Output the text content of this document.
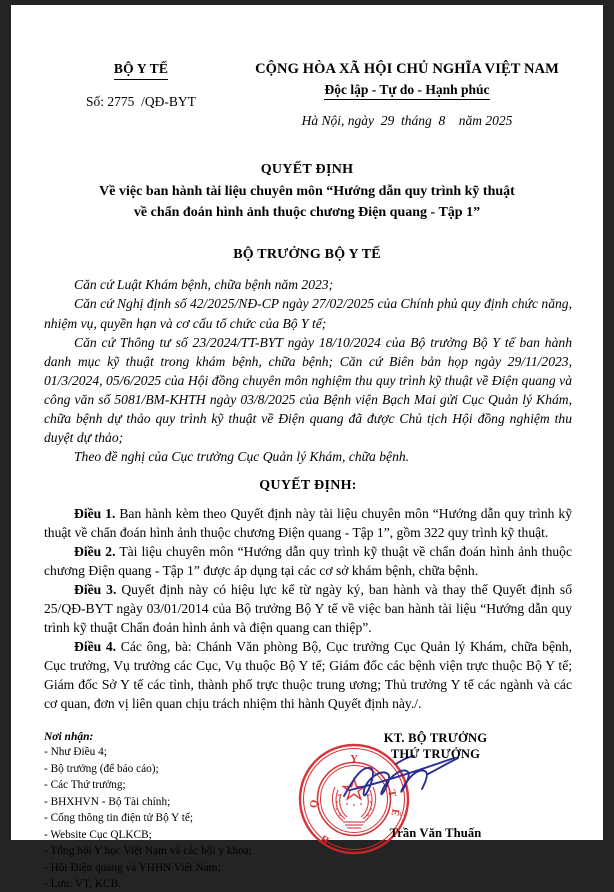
BỘ Y TẾ
Số: 2775  /QĐ-BYT
CỘNG HÒA XÃ HỘI CHỦ NGHĨA VIỆT NAM
Độc lập - Tự do - Hạnh phúc
Hà Nội, ngày  29  tháng  8    năm 2025
QUYẾT ĐỊNH
Về việc ban hành tài liệu chuyên môn “Hướng dẫn quy trình kỹ thuật
về chẩn đoán hình ảnh thuộc chương Điện quang - Tập 1”
BỘ TRƯỞNG BỘ Y TẾ

Căn cứ Luật Khám bệnh, chữa bệnh năm 2023;

Căn cứ Nghị định số 42/2025/NĐ-CP ngày 27/02/2025 của Chính phủ quy định chức năng, nhiệm vụ, quyền hạn và cơ cấu tổ chức của Bộ Y tế;

Căn cứ Thông tư số 23/2024/TT-BYT ngày 18/10/2024 của Bộ trưởng Bộ Y tế ban hành danh mục kỹ thuật trong khám bệnh, chữa bệnh; Căn cứ Biên bản họp ngày 29/11/2023, 01/3/2024, 05/6/2025 của Hội đồng chuyên môn nghiệm thu quy trình kỹ thuật về Điện quang và công văn số 5081/BM-KHTH ngày 03/8/2025 của Bệnh viện Bạch Mai gửi Cục Quản lý Khám, chữa bệnh dự thảo quy trình kỹ thuật về Điện quang đã được Chủ tịch Hội đồng nghiệm thu duyệt dự thảo;

Theo đề nghị của Cục trưởng Cục Quản lý Khám, chữa bệnh.

QUYẾT ĐỊNH:

Điều 1. Ban hành kèm theo Quyết định này tài liệu chuyên môn “Hướng dẫn quy trình kỹ thuật về chẩn đoán hình ảnh thuộc chương Điện quang - Tập 1”, gồm 322 quy trình kỹ thuật.

Điều 2. Tài liệu chuyên môn “Hướng dẫn quy trình kỹ thuật về chẩn đoán hình ảnh thuộc chương Điện quang - Tập 1” được áp dụng tại các cơ sở khám bệnh, chữa bệnh.

Điều 3. Quyết định này có hiệu lực kể từ ngày ký, ban hành và thay thế Quyết định số 25/QĐ-BYT ngày 03/01/2014 của Bộ trưởng Bộ Y tế về việc ban hành tài liệu “Hướng dẫn quy trình kỹ thuật Chẩn đoán hình ảnh và điện quang can thiệp”.

Điều 4. Các ông, bà: Chánh Văn phòng Bộ, Cục trưởng Cục Quản lý Khám, chữa bệnh, Cục trưởng, Vụ trưởng các Cục, Vụ thuộc Bộ Y tế; Giám đốc các bệnh viện trực thuộc Bộ Y tế; Giám đốc Sở Y tế các tỉnh, thành phố trực thuộc trung ương; Thủ trưởng Y tế các ngành và các cơ quan, đơn vị liên quan chịu trách nhiệm thi hành Quyết định này./.

Nơi nhận:
- Như Điều 4;
- Bộ trưởng (để báo cáo);
- Các Thứ trưởng;
- BHXHVN - Bộ Tài chính;
- Cổng thông tin điện tử Bộ Y tế;
- Website Cục QLKCB;
- Tổng hội Y học Việt Nam và các hội y khoa;
- Hội Điện quang và YHHN Việt Nam;
- Lưu: VT, KCB.
KT. BỘ TRƯỞNG
THỨ TRƯỞNG
Y
T
Ế
Ọ
B	Trần Văn Thuấn
